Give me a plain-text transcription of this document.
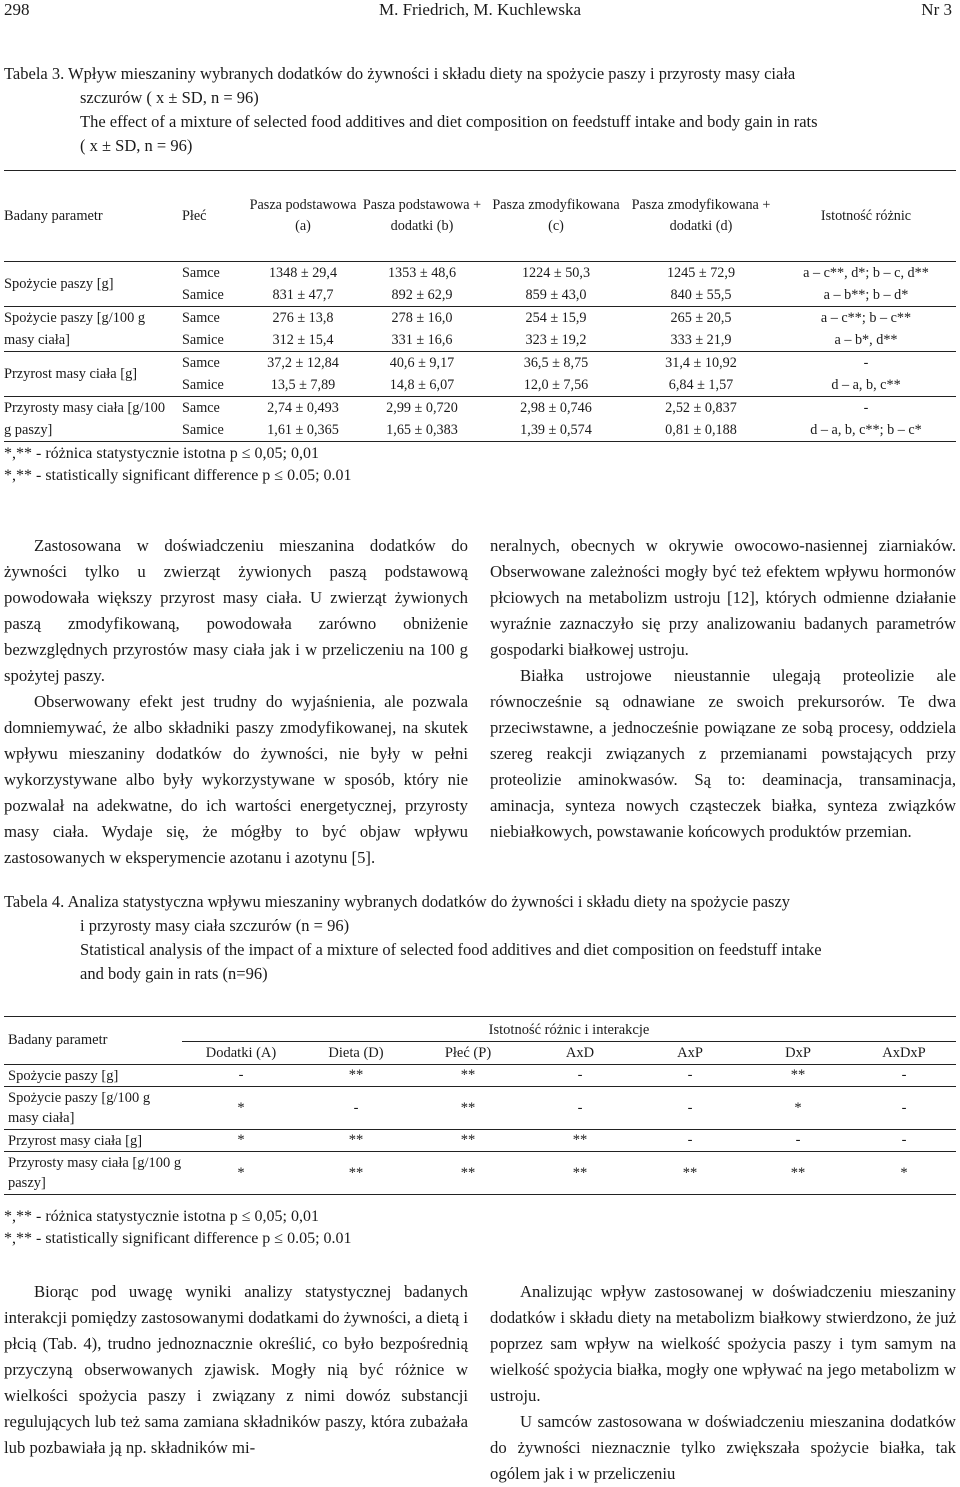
298	M. Friedrich, M. Kuchlewska	Nr 3
Tabela 3. Wpływ mieszaniny wybranych dodatków do żywności i składu diety na spożycie paszy i przyrosty masy ciała
szczurów ( x ± SD, n = 96)
The effect of a mixture of selected food additives and diet composition on feedstuff intake and body gain in rats
( x ± SD, n = 96)
Badany parametr	Płeć	Pasza podstawowa (a)	Pasza podstawowa + dodatki (b)	Pasza zmodyfikowana (c)	Pasza zmodyfikowana + dodatki (d)	Istotność różnic
Spożycie paszy [g]	Samce	1348 ± 29,4	1353 ± 48,6	1224 ± 50,3	1245 ± 72,9	a – c**, d*; b – c, d**
	Samice	831 ± 47,7	892 ± 62,9	859 ± 43,0	840 ± 55,5	a – b**; b – d*
Spożycie paszy [g/100 g masy ciała]	Samce	276 ± 13,8	278 ± 16,0	254 ± 15,9	265 ± 20,5	a – c**; b – c**
	Samice	312 ± 15,4	331 ± 16,6	323 ± 19,2	333 ± 21,9	a – b*, d**
Przyrost masy ciała [g]	Samce	37,2 ± 12,84	40,6 ± 9,17	36,5 ± 8,75	31,4 ± 10,92	-
	Samice	13,5 ± 7,89	14,8 ± 6,07	12,0 ± 7,56	6,84 ± 1,57	d – a, b, c**
Przyrosty masy ciała [g/100 g paszy]	Samce	2,74 ± 0,493	2,99 ± 0,720	2,98 ± 0,746	2,52 ± 0,837	-
	Samice	1,61 ± 0,365	1,65 ± 0,383	1,39 ± 0,574	0,81 ± 0,188	d – a, b, c**; b – c*
*,** - różnica statystycznie istotna p ≤ 0,05; 0,01
*,** - statistically significant difference p ≤ 0.05; 0.01

Zastosowana w doświadczeniu mieszanina dodatków do żywności tylko u zwierząt żywionych paszą podstawową powodowała większy przyrost masy ciała. U zwierząt żywionych paszą zmodyfikowaną, powodowała zarówno obniżenie bezwzględnych przyrostów masy ciała jak i w przeliczeniu na 100 g spożytej paszy.

Obserwowany efekt jest trudny do wyjaśnienia, ale pozwala domniemywać, że albo składniki paszy zmodyfikowanej, na skutek wpływu mieszaniny dodatków do żywności, nie były w pełni wykorzystywane albo były wykorzystywane w sposób, który nie pozwalał na adekwatne, do ich wartości energetycznej, przyrosty masy ciała. Wydaje się, że mógłby to być objaw wpływu zastosowanych w eksperymencie azotanu i azotynu [5].

neralnych, obecnych w okrywie owocowo-nasiennej ziarniaków. Obserwowane zależności mogły być też efektem wpływu hormonów płciowych na metabolizm ustroju [12], których odmienne działanie wyraźnie zaznaczyło się przy analizowaniu badanych parametrów gospodarki białkowej ustroju.

Białka ustrojowe nieustannie ulegają proteolizie ale równocześnie są odnawiane ze swoich prekursorów. Te dwa przeciwstawne, a jednocześnie powiązane ze sobą procesy, oddziela szereg reakcji związanych z przemianami powstających przy proteolizie aminokwasów. Są to: deaminacja, transaminacja, aminacja, synteza nowych cząsteczek białka, synteza związków niebiałkowych, powstawanie końcowych produktów przemian.

Tabela 4. Analiza statystyczna wpływu mieszaniny wybranych dodatków do żywności i składu diety na spożycie paszy
i przyrosty masy ciała szczurów (n = 96)
Statistical analysis of the impact of a mixture of selected food additives and diet composition on feedstuff intake
and body gain in rats (n=96)
Badany parametr	Istotność różnic i interakcje						
	Dodatki (A)	Dieta (D)	Płeć (P)	AxD	AxP	DxP	AxDxP
Spożycie paszy [g]	-	**	**	-	-	**	-
Spożycie paszy [g/100 g masy ciała]	*	-	**	-	-	*	-
Przyrost masy ciała [g]	*	**	**	**	-	-	-
Przyrosty masy ciała [g/100 g paszy]	*	**	**	**	**	**	*
*,** - różnica statystycznie istotna p ≤ 0,05; 0,01
*,** - statistically significant difference p ≤ 0.05; 0.01

Biorąc pod uwagę wyniki analizy statystycznej badanych interakcji pomiędzy zastosowanymi dodatkami do żywności, a dietą i płcią (Tab. 4), trudno jednoznacznie określić, co było bezpośrednią przyczyną obserwowanych zjawisk. Mogły nią być różnice w wielkości spożycia paszy i związany z nimi dowóz substancji regulujących lub też sama zamiana składników paszy, która zubażała lub pozbawiała ją np. składników mi-

Analizując wpływ zastosowanej w doświadczeniu mieszaniny dodatków i składu diety na metabolizm białkowy stwierdzono, że już poprzez sam wpływ na wielkość spożycia paszy i tym samym na wielkość spożycia białka, mogły one wpływać na jego metabolizm w ustroju.

U samców zastosowana w doświadczeniu mieszanina dodatków do żywności nieznacznie tylko zwiększała spożycie białka, tak ogólem jak i w przeliczeniu
